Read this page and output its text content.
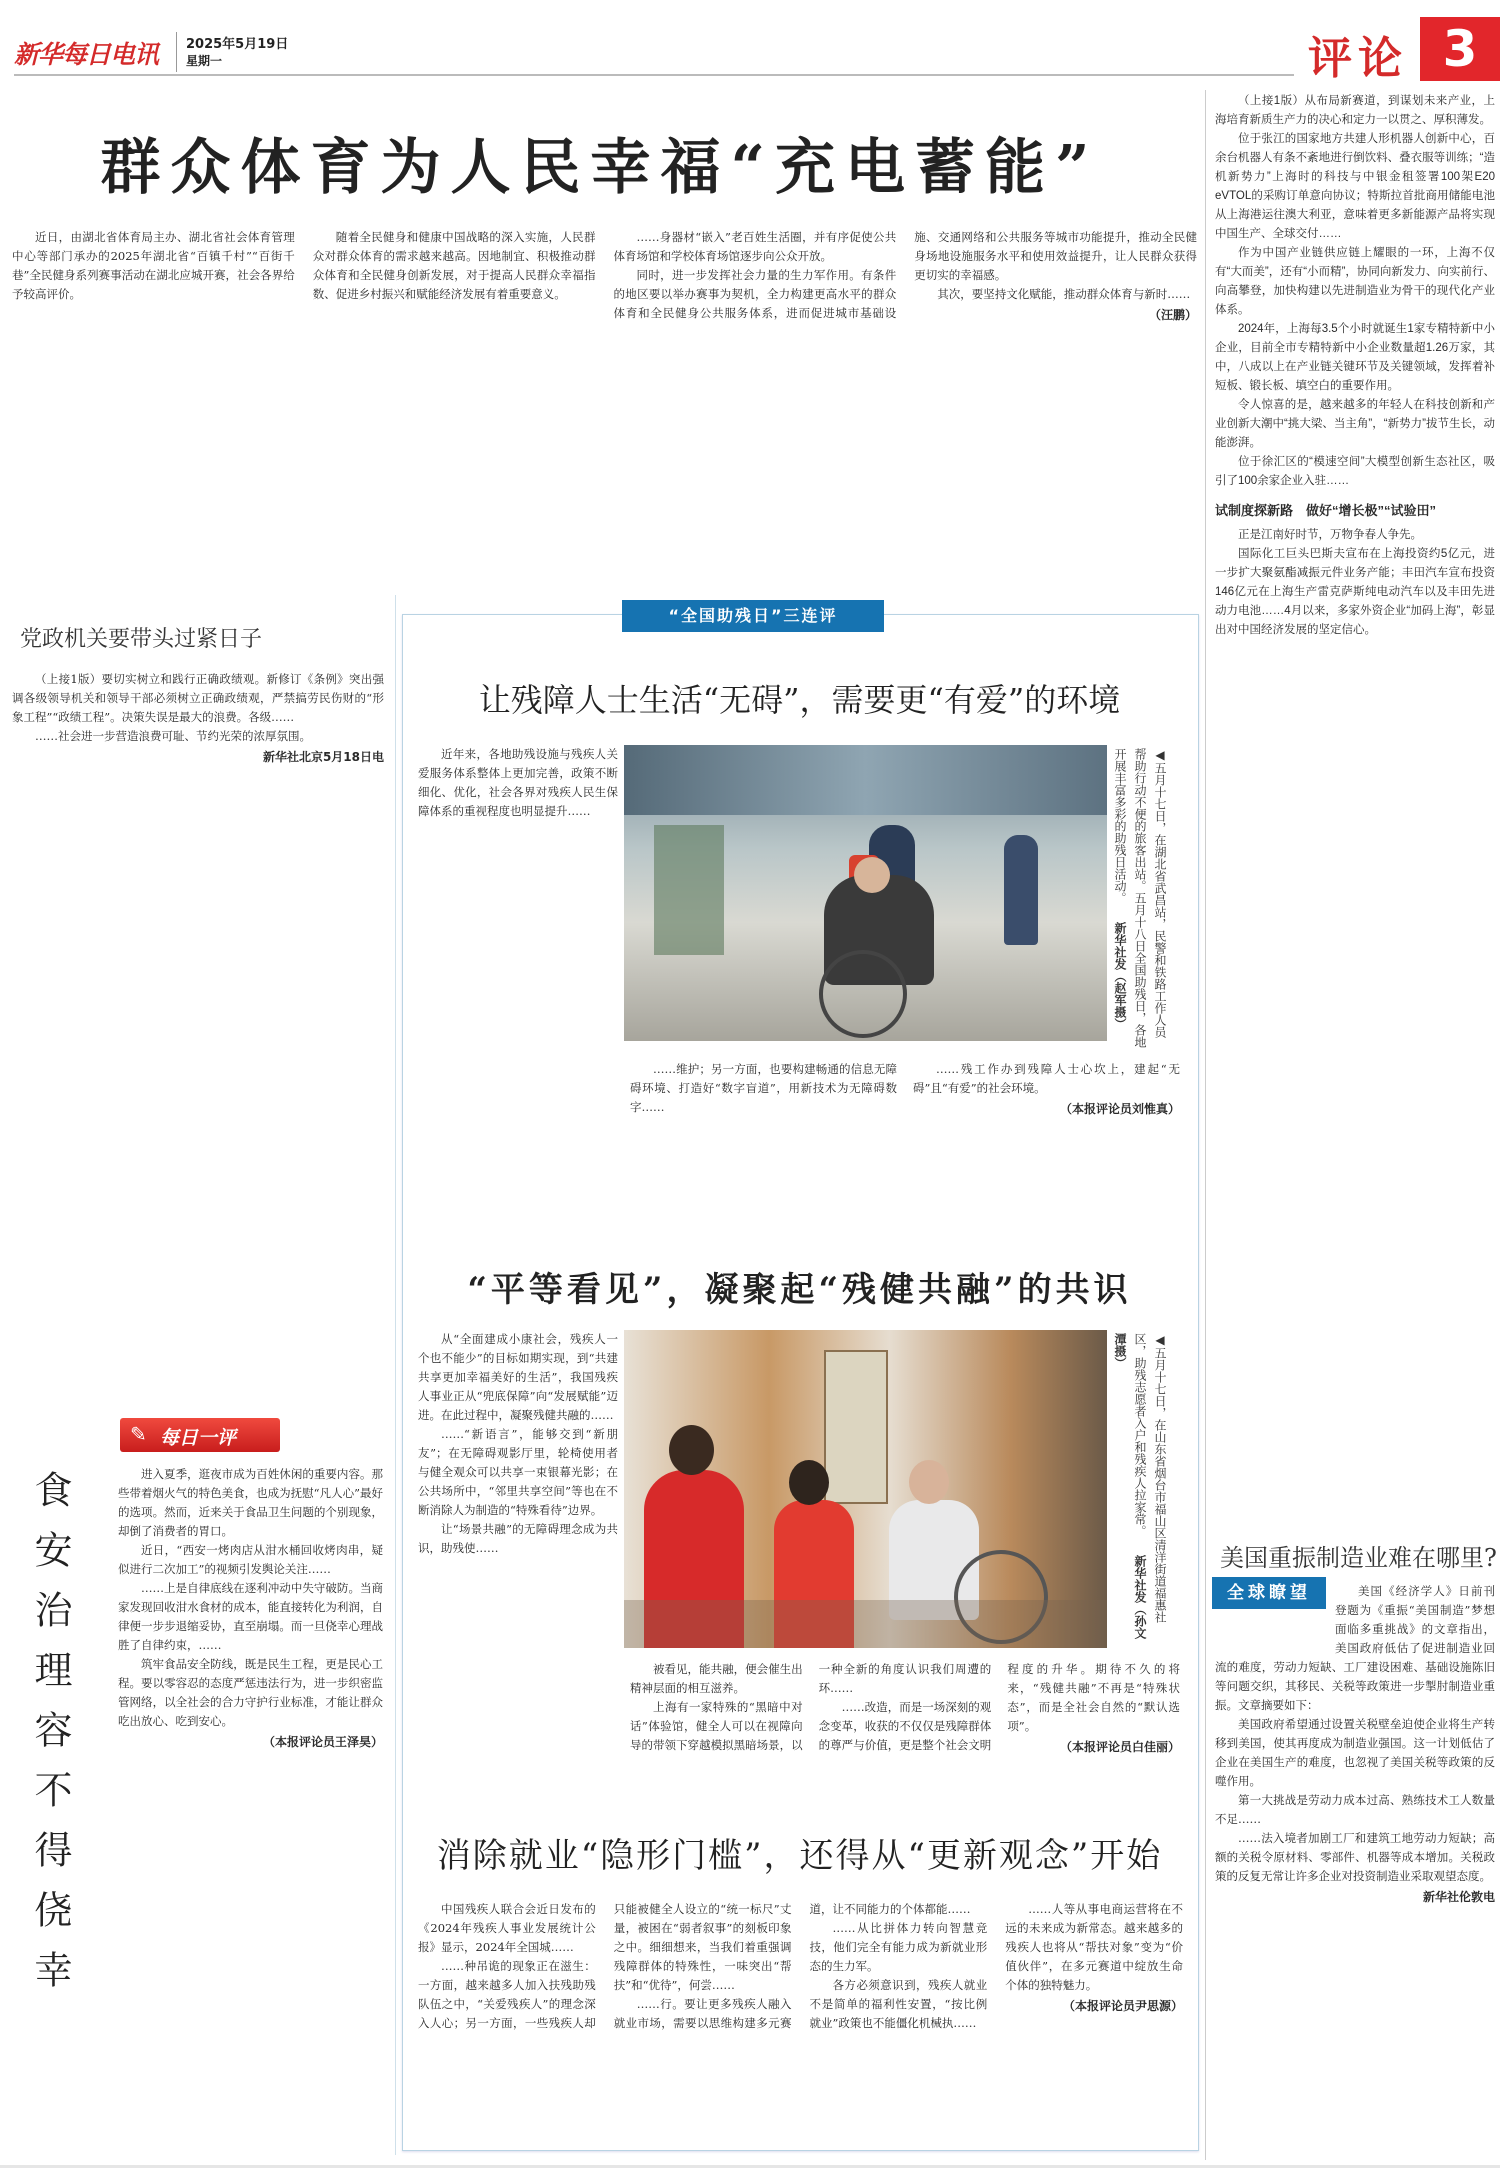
新华每日电讯 2025年5月19日
星期一	评论 3
群众体育为人民幸福“充电蓄能”

近日，由湖北省体育局主办、湖北省社会体育管理中心等部门承办的2025年湖北省“百镇千村”“百街千巷”全民健身系列赛事活动在湖北应城开赛，社会各界给予较高评价。

随着全民健身和健康中国战略的深入实施，人民群众对群众体育的需求越来越高。因地制宜、积极推动群众体育和全民健身创新发展，对于提高人民群众幸福指数、促进乡村振兴和赋能经济发展有着重要意义。

……身器材“嵌入”老百姓生活圈，并有序促使公共体育场馆和学校体育场馆逐步向公众开放。

同时，进一步发挥社会力量的生力军作用。有条件的地区要以举办赛事为契机，全力构建更高水平的群众体育和全民健身公共服务体系，进而促进城市基础设施、交通网络和公共服务等城市功能提升，推动全民健身场地设施服务水平和使用效益提升，让人民群众获得更切实的幸福感。

其次，要坚持文化赋能，推动群众体育与新时……

（汪鹏）

（上接1版）从布局新赛道，到谋划未来产业，上海培育新质生产力的决心和定力一以贯之、厚积薄发。

位于张江的国家地方共建人形机器人创新中心，百余台机器人有条不紊地进行倒饮料、叠衣服等训练；“造机新势力”上海时的科技与中银金租签署100架E20 eVTOL的采购订单意向协议；特斯拉首批商用储能电池从上海港运往澳大利亚，意味着更多新能源产品将实现中国生产、全球交付……

作为中国产业链供应链上耀眼的一环，上海不仅有“大而美”，还有“小而精”，协同向新发力、向实前行、向高攀登，加快构建以先进制造业为骨干的现代化产业体系。

2024年，上海每3.5个小时就诞生1家专精特新中小企业，目前全市专精特新中小企业数量超1.26万家，其中，八成以上在产业链关键环节及关键领域，发挥着补短板、锻长板、填空白的重要作用。

令人惊喜的是，越来越多的年轻人在科技创新和产业创新大潮中“挑大梁、当主角”，“新势力”拔节生长，动能澎湃。

位于徐汇区的“模速空间”大模型创新生态社区，吸引了100余家企业入驻……

试制度探新路　做好“增长极”“试验田”

正是江南好时节，万物争春人争先。

国际化工巨头巴斯夫宣布在上海投资约5亿元，进一步扩大聚氨酯减振元件业务产能；丰田汽车宣布投资146亿元在上海生产雷克萨斯纯电动汽车以及丰田先进动力电池……4月以来，多家外资企业“加码上海”，彰显出对中国经济发展的坚定信心。

党政机关要带头过紧日子

（上接1版）要切实树立和践行正确政绩观。新修订《条例》突出强调各级领导机关和领导干部必须树立正确政绩观，严禁搞劳民伤财的“形象工程”“政绩工程”。决策失误是最大的浪费。各级……

……社会进一步营造浪费可耻、节约光荣的浓厚氛围。

新华社北京5月18日电
✎ 每日一评
食安治理容不得侥幸	进入夏季，逛夜市成为百姓休闲的重要内容。那些带着烟火气的特色美食，也成为抚慰“凡人心”最好的选项。然而，近来关于食品卫生问题的个别现象，却倒了消费者的胃口。

近日，“西安一烤肉店从泔水桶回收烤肉串，疑似进行二次加工”的视频引发舆论关注……

……上是自律底线在逐利冲动中失守破防。当商家发现回收泔水食材的成本，能直接转化为利润，自律便一步步退缩妥协，直至崩塌。而一旦侥幸心理战胜了自律约束，……

筑牢食品安全防线，既是民生工程，更是民心工程。要以零容忍的态度严惩违法行为，进一步织密监管网络，以全社会的合力守护行业标准，才能让群众吃出放心、吃到安心。

（本报评论员王泽昊）
“全国助残日”三连评
让残障人士生活“无碍”，需要更“有爱”的环境

近年来，各地助残设施与残疾人关爱服务体系整体上更加完善，政策不断细化、优化，社会各界对残疾人民生保障体系的重视程度也明显提升……	◀五月十七日，在湖北省武昌站，民警和铁路工作人员帮助行动不便的旅客出站。五月十八日全国助残日，各地开展丰富多彩的助残日活动。 新华社发（赵军摄）

……维护；另一方面，也要构建畅通的信息无障碍环境、打造好“数字盲道”，用新技术为无障碍数字……

……残工作办到残障人士心坎上，建起“无碍”且“有爱”的社会环境。

（本报评论员刘惟真）
“平等看见”，凝聚起“残健共融”的共识

从“全面建成小康社会，残疾人一个也不能少”的目标如期实现，到“共建共享更加幸福美好的生活”，我国残疾人事业正从“兜底保障”向“发展赋能”迈进。在此过程中，凝聚残健共融的……

……“新语言”，能够交到“新朋友”；在无障碍观影厅里，轮椅使用者与健全观众可以共享一束银幕光影；在公共场所中，“邻里共享空间”等也在不断消除人为制造的“特殊看待”边界。

让“场景共融”的无障碍理念成为共识，助残使……	◀五月十七日，在山东省烟台市福山区清洋街道福惠社区，助残志愿者入户和残疾人拉家常。 新华社发（孙文潭摄）

被看见，能共融，便会催生出精神层面的相互滋养。

上海有一家特殊的“黑暗中对话”体验馆，健全人可以在视障向导的带领下穿越模拟黑暗场景，以一种全新的角度认识我们周遭的环……

……改造，而是一场深刻的观念变革，收获的不仅仅是残障群体的尊严与价值，更是整个社会文明程度的升华。期待不久的将来，“残健共融”不再是“特殊状态”，而是全社会自然的“默认选项”。

（本报评论员白佳丽）
消除就业“隐形门槛”，还得从“更新观念”开始

中国残疾人联合会近日发布的《2024年残疾人事业发展统计公报》显示，2024年全国城……

……种吊诡的现象正在滋生：一方面，越来越多人加入扶残助残队伍之中，“关爱残疾人”的理念深入人心；另一方面，一些残疾人却只能被健全人设立的“统一标尺”丈量，被困在“弱者叙事”的刻板印象之中。细细想来，当我们着重强调残障群体的特殊性，一味突出“帮扶”和“优待”，何尝……

……行。要让更多残疾人融入就业市场，需要以思维构建多元赛道，让不同能力的个体都能……

……从比拼体力转向智慧竞技，他们完全有能力成为新就业形态的生力军。

各方必须意识到，残疾人就业不是简单的福利性安置，“按比例就业”政策也不能僵化机械执……

……人等从事电商运营将在不远的未来成为新常态。越来越多的残疾人也将从“帮扶对象”变为“价值伙伴”，在多元赛道中绽放生命个体的独特魅力。

（本报评论员尹思源）
美国重振制造业难在哪里?
全球瞭望	美国《经济学人》日前刊登题为《重振“美国制造”梦想面临多重挑战》的文章指出，美国政府低估了促进制造业回流的难度，劳动力短缺、工厂建设困难、基础设施陈旧等问题交织，其移民、关税等政策进一步掣肘制造业重振。文章摘要如下：

美国政府希望通过设置关税壁垒迫使企业将生产转移到美国，使其再度成为制造业强国。这一计划低估了企业在美国生产的难度，也忽视了美国关税等政策的反噬作用。

第一大挑战是劳动力成本过高、熟练技术工人数量不足……

……法入境者加剧工厂和建筑工地劳动力短缺；高额的关税令原材料、零部件、机器等成本增加。关税政策的反复无常让许多企业对投资制造业采取观望态度。

新华社伦敦电
